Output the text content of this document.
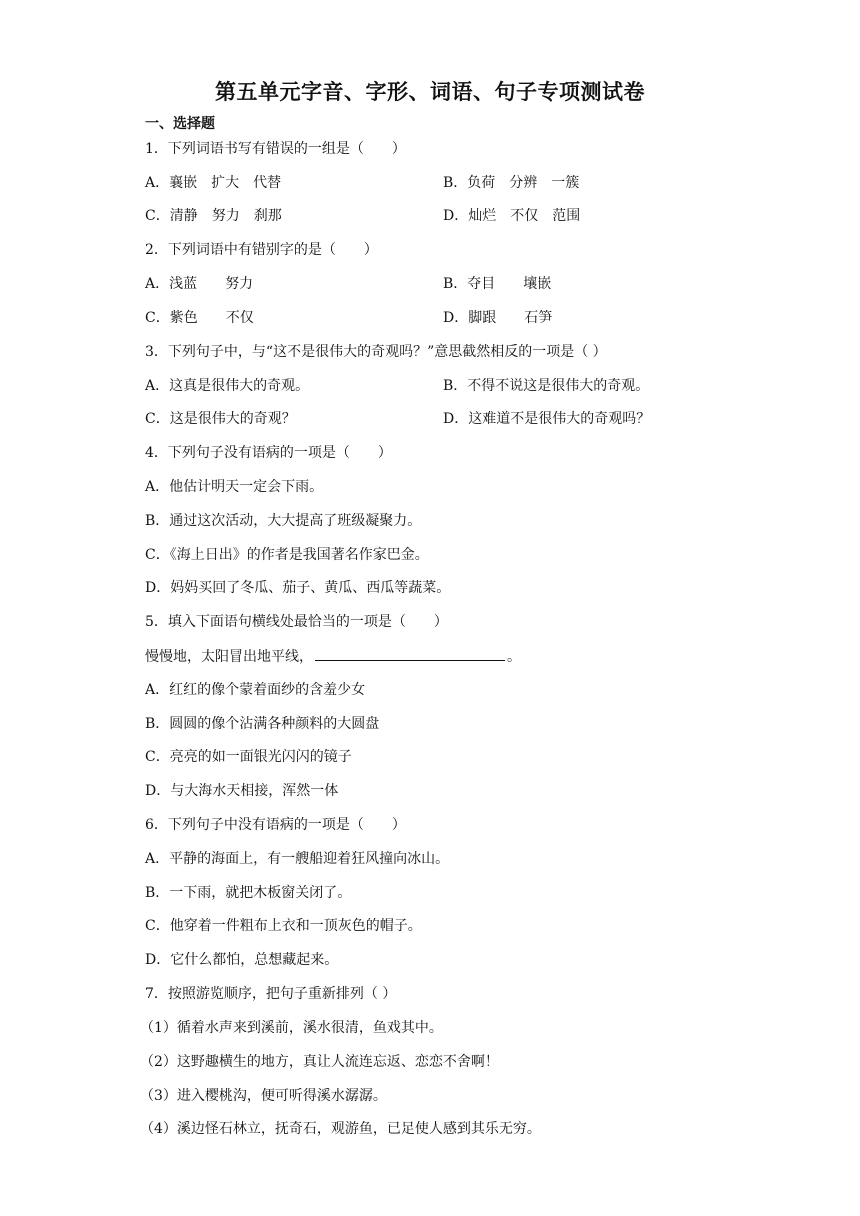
第五单元字音、字形、词语、句子专项测试卷
一、选择题
1．下列词语书写有错误的一组是（　　）
A．襄嵌　扩大　代替	B．负荷　分辨　一簇
C．清静　努力　刹那	D．灿烂　不仅　范围
2．下列词语中有错别字的是（　　）
A．浅蓝　　努力	B．夺目　　壤嵌
C．紫色　　不仅	D．脚跟　　石笋
3．下列句子中，与“这不是很伟大的奇观吗？”意思截然相反的一项是（ ）
A．这真是很伟大的奇观。	B．不得不说这是很伟大的奇观。
C．这是很伟大的奇观？	D．这难道不是很伟大的奇观吗？
4．下列句子没有语病的一项是（　　）
A．他估计明天一定会下雨。
B．通过这次活动，大大提高了班级凝聚力。
C．《海上日出》的作者是我国著名作家巴金。
D．妈妈买回了冬瓜、茄子、黄瓜、西瓜等蔬菜。
5．填入下面语句横线处最恰当的一项是（　　）
慢慢地，太阳冒出地平线，	。
A．红红的像个蒙着面纱的含羞少女
B．圆圆的像个沾满各种颜料的大圆盘
C．亮亮的如一面银光闪闪的镜子
D．与大海水天相接，浑然一体
6．下列句子中没有语病的一项是（　　）
A．平静的海面上，有一艘船迎着狂风撞向冰山。
B．一下雨，就把木板窗关闭了。
C．他穿着一件粗布上衣和一顶灰色的帽子。
D．它什么都怕，总想藏起来。
7．按照游览顺序，把句子重新排列（ ）
（1）循着水声来到溪前，溪水很清，鱼戏其中。
（2）这野趣横生的地方，真让人流连忘返、恋恋不舍啊！
（3）进入樱桃沟，便可听得溪水潺潺。
（4）溪边怪石林立，抚奇石，观游鱼，已足使人感到其乐无穷。
